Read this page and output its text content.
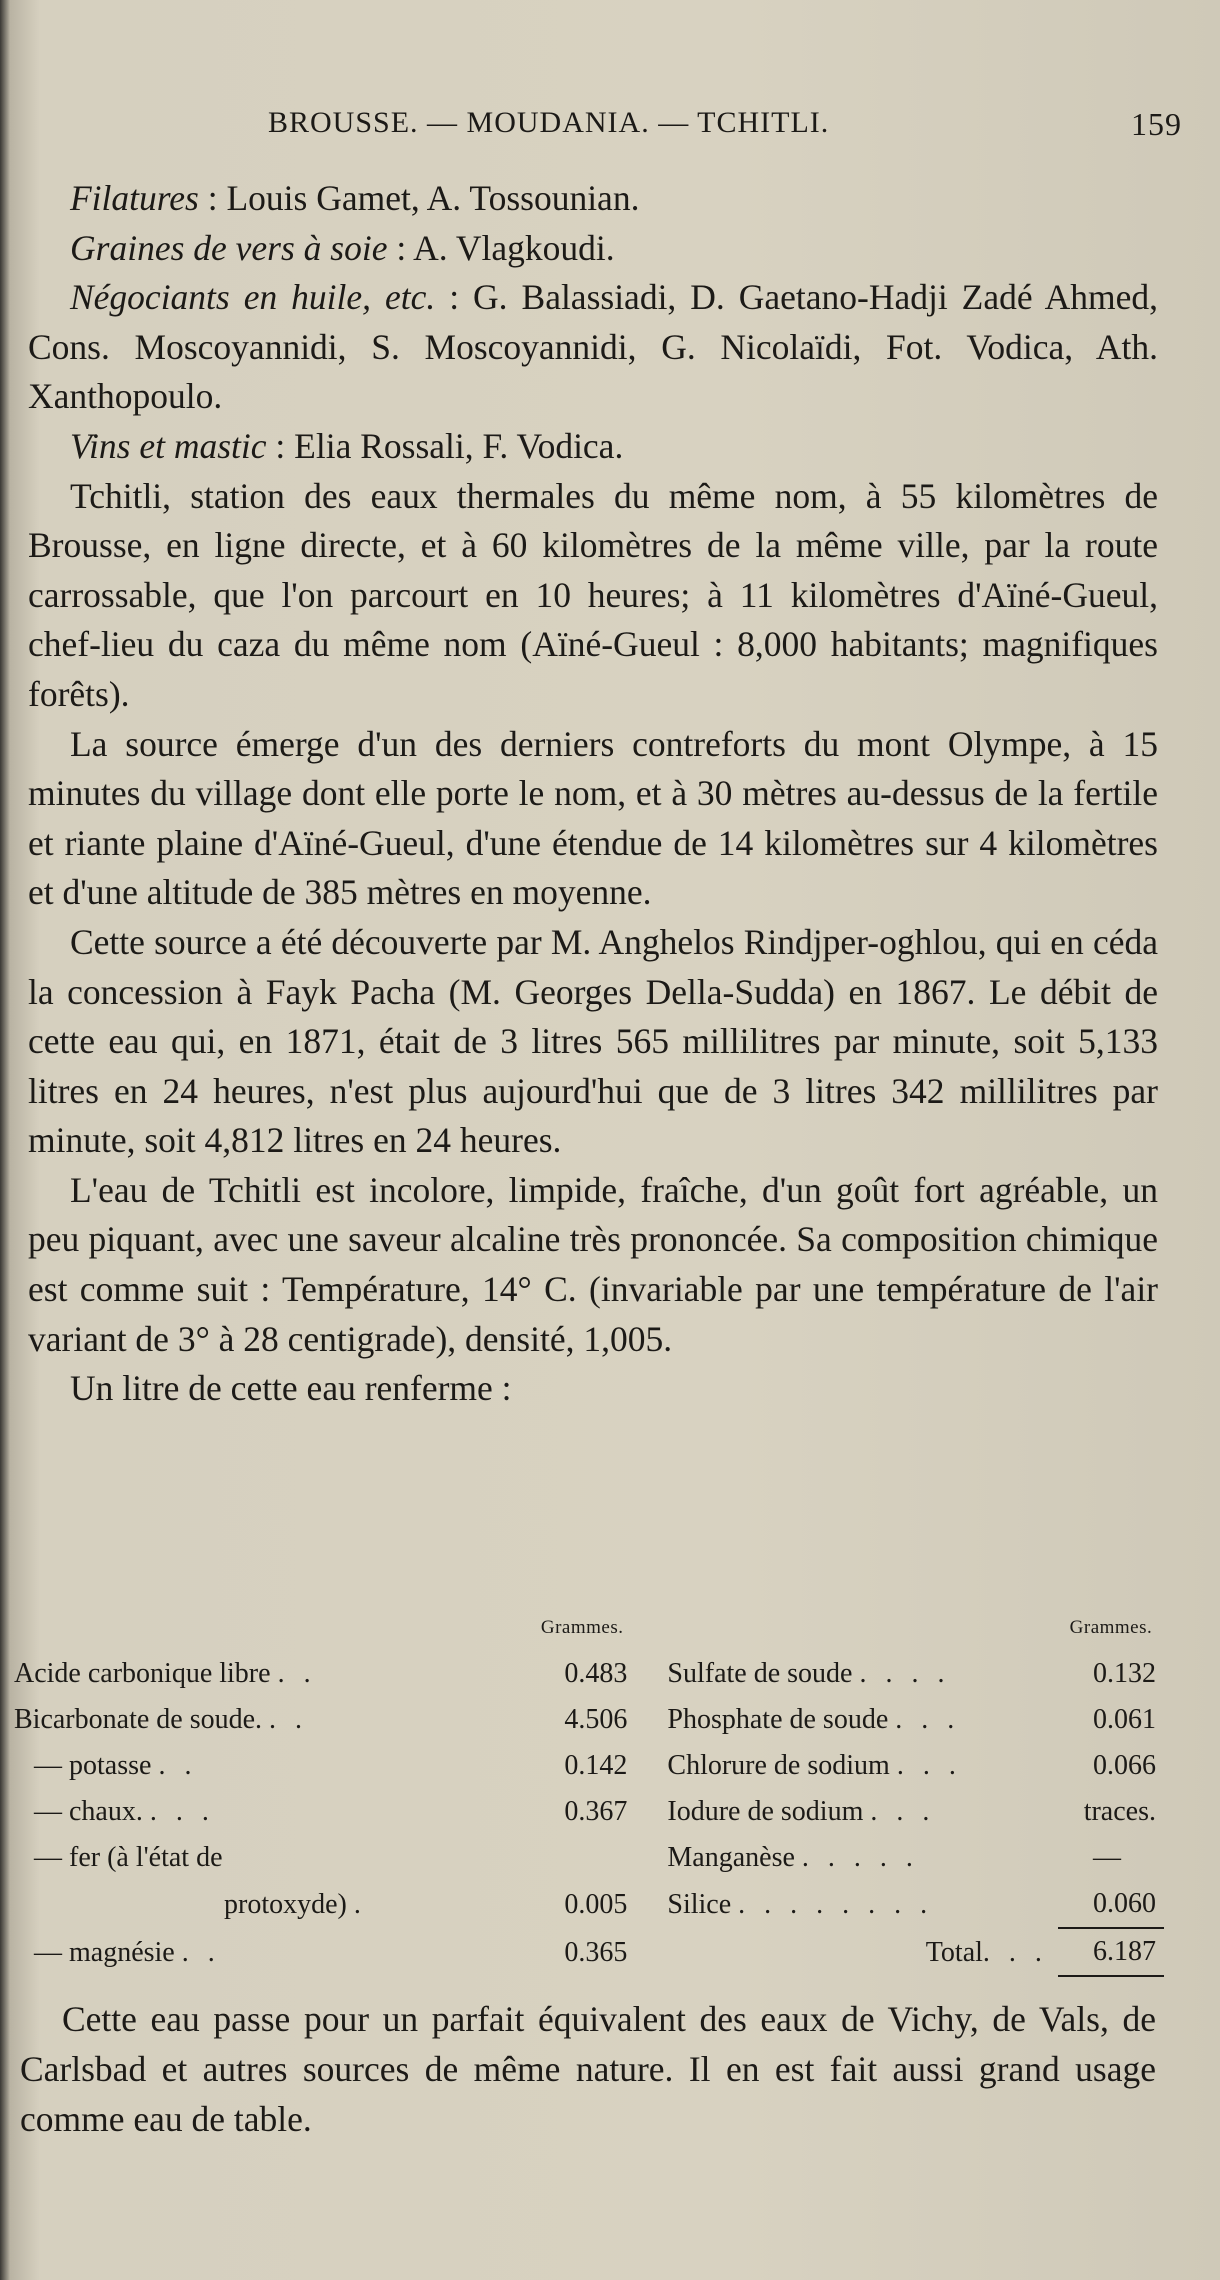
BROUSSE. — MOUDANIA. — TCHITLI.	159

Filatures : Louis Gamet, A. Tossounian.

Graines de vers à soie : A. Vlagkoudi.

Négociants en huile, etc. : G. Balassiadi, D. Gaetano-Hadji Zadé Ahmed, Cons. Moscoyannidi, S. Moscoyannidi, G. Nicolaïdi, Fot. Vodica, Ath. Xanthopoulo.

Vins et mastic : Elia Rossali, F. Vodica.

Tchitli, station des eaux thermales du même nom, à 55 kilomètres de Brousse, en ligne directe, et à 60 kilomètres de la même ville, par la route carrossable, que l'on parcourt en 10 heures; à 11 kilomètres d'Aïné-Gueul, chef-lieu du caza du même nom (Aïné-Gueul : 8,000 habitants; magnifiques forêts).

La source émerge d'un des derniers contreforts du mont Olympe, à 15 minutes du village dont elle porte le nom, et à 30 mètres au-dessus de la fertile et riante plaine d'Aïné-Gueul, d'une étendue de 14 kilomètres sur 4 kilomètres et d'une altitude de 385 mètres en moyenne.

Cette source a été découverte par M. Anghelos Rindjper-oghlou, qui en céda la concession à Fayk Pacha (M. Georges Della-Sudda) en 1867. Le débit de cette eau qui, en 1871, était de 3 litres 565 millilitres par minute, soit 5,133 litres en 24 heures, n'est plus aujourd'hui que de 3 litres 342 millilitres par minute, soit 4,812 litres en 24 heures.

L'eau de Tchitli est incolore, limpide, fraîche, d'un goût fort agréable, un peu piquant, avec une saveur alcaline très prononcée. Sa composition chimique est comme suit : Température, 14° C. (invariable par une température de l'air variant de 3° à 28 centigrade), densité, 1,005.

Un litre de cette eau renferme :

	Grammes.			Grammes.
Acide carbonique libre . .	0.483		Sulfate de soude . . . .	0.132
Bicarbonate de soude. . .	4.506		Phosphate de soude . . .	0.061
— potasse . .	0.142		Chlorure de sodium . . .	0.066
— chaux. . . .	0.367		Iodure de sodium . . .	traces.
— fer (à l'état de			Manganèse . . . . .	—
protoxyde) .	0.005		Silice . . . . . . . .	0.060
— magnésie . .	0.365		Total. . .	6.187

Cette eau passe pour un parfait équivalent des eaux de Vichy, de Vals, de Carlsbad et autres sources de même nature. Il en est fait aussi grand usage comme eau de table.
